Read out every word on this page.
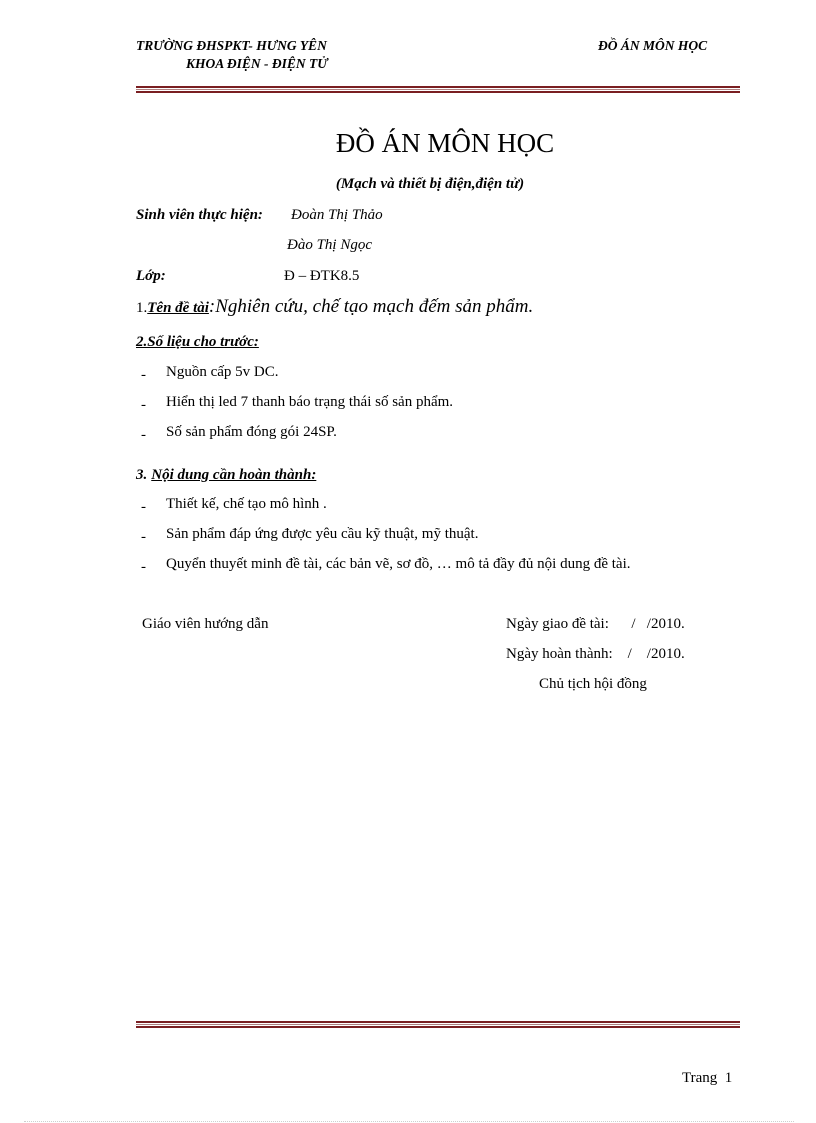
TRƯỜNG ĐHSPKT- HƯNG YÊN
KHOA ĐIỆN - ĐIỆN TỬ
ĐỒ ÁN MÔN HỌC
ĐỒ ÁN MÔN HỌC
(Mạch và thiết bị điện,điện tử)
Sinh viên thực hiện: Đoàn Thị Thảo
Đào Thị Ngọc
Lớp:	Đ – ĐTK8.5
1.Tên đề tài:Nghiên cứu, chế tạo mạch đếm sản phẩm.
2.Số liệu cho trước:
- Nguồn cấp 5v DC.
- Hiển thị led 7 thanh báo trạng thái số sản phẩm.
- Số sản phẩm đóng gói 24SP.
3. Nội dung cần hoàn thành:
- Thiết kế, chế tạo mô hình .
- Sản phẩm đáp ứng được yêu cầu kỹ thuật, mỹ thuật.
- Quyển thuyết minh đề tài, các bản vẽ, sơ đồ, … mô tả đầy đủ nội dung đề tài.
Giáo viên hướng dẫn	Ngày giao đề tài:      /   /2010.
Ngày hoàn thành:    /    /2010.
Chủ tịch hội đồng
Trang  1
